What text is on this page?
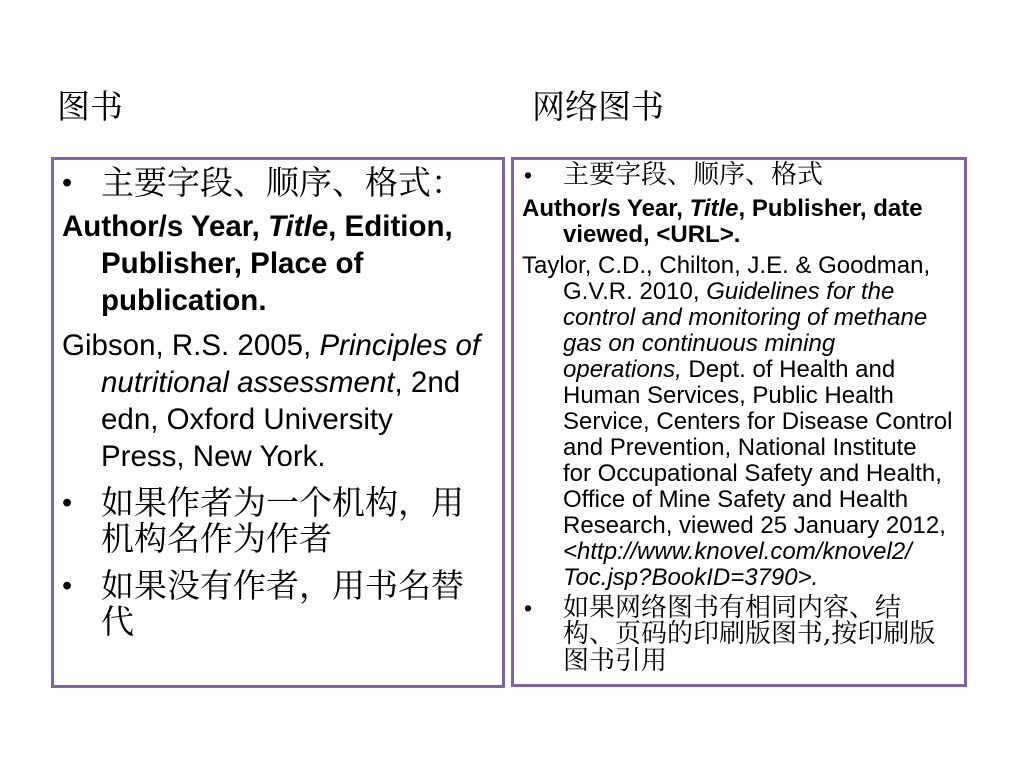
图书	网络图书
• 主要字段、顺序、格式：
Author/s Year, Title, Edition,
Publisher, Place of
publication.
Gibson, R.S. 2005, Principles of
nutritional assessment, 2nd
edn, Oxford University
Press, New York.
• 如果作者为一个机构，用
机构名作为作者
• 如果没有作者，用书名替
代
• 主要字段、顺序、格式
Author/s Year, Title, Publisher, date
viewed, <URL>.
Taylor, C.D., Chilton, J.E. & Goodman,
G.V.R. 2010, Guidelines for the
control and monitoring of methane
gas on continuous mining
operations, Dept. of Health and
Human Services, Public Health
Service, Centers for Disease Control
and Prevention, National Institute
for Occupational Safety and Health,
Office of Mine Safety and Health
Research, viewed 25 January 2012,
<http://www.knovel.com/knovel2/
Toc.jsp?BookID=3790>.
• 如果网络图书有相同内容、结
构、页码的印刷版图书,按印刷版
图书引用
